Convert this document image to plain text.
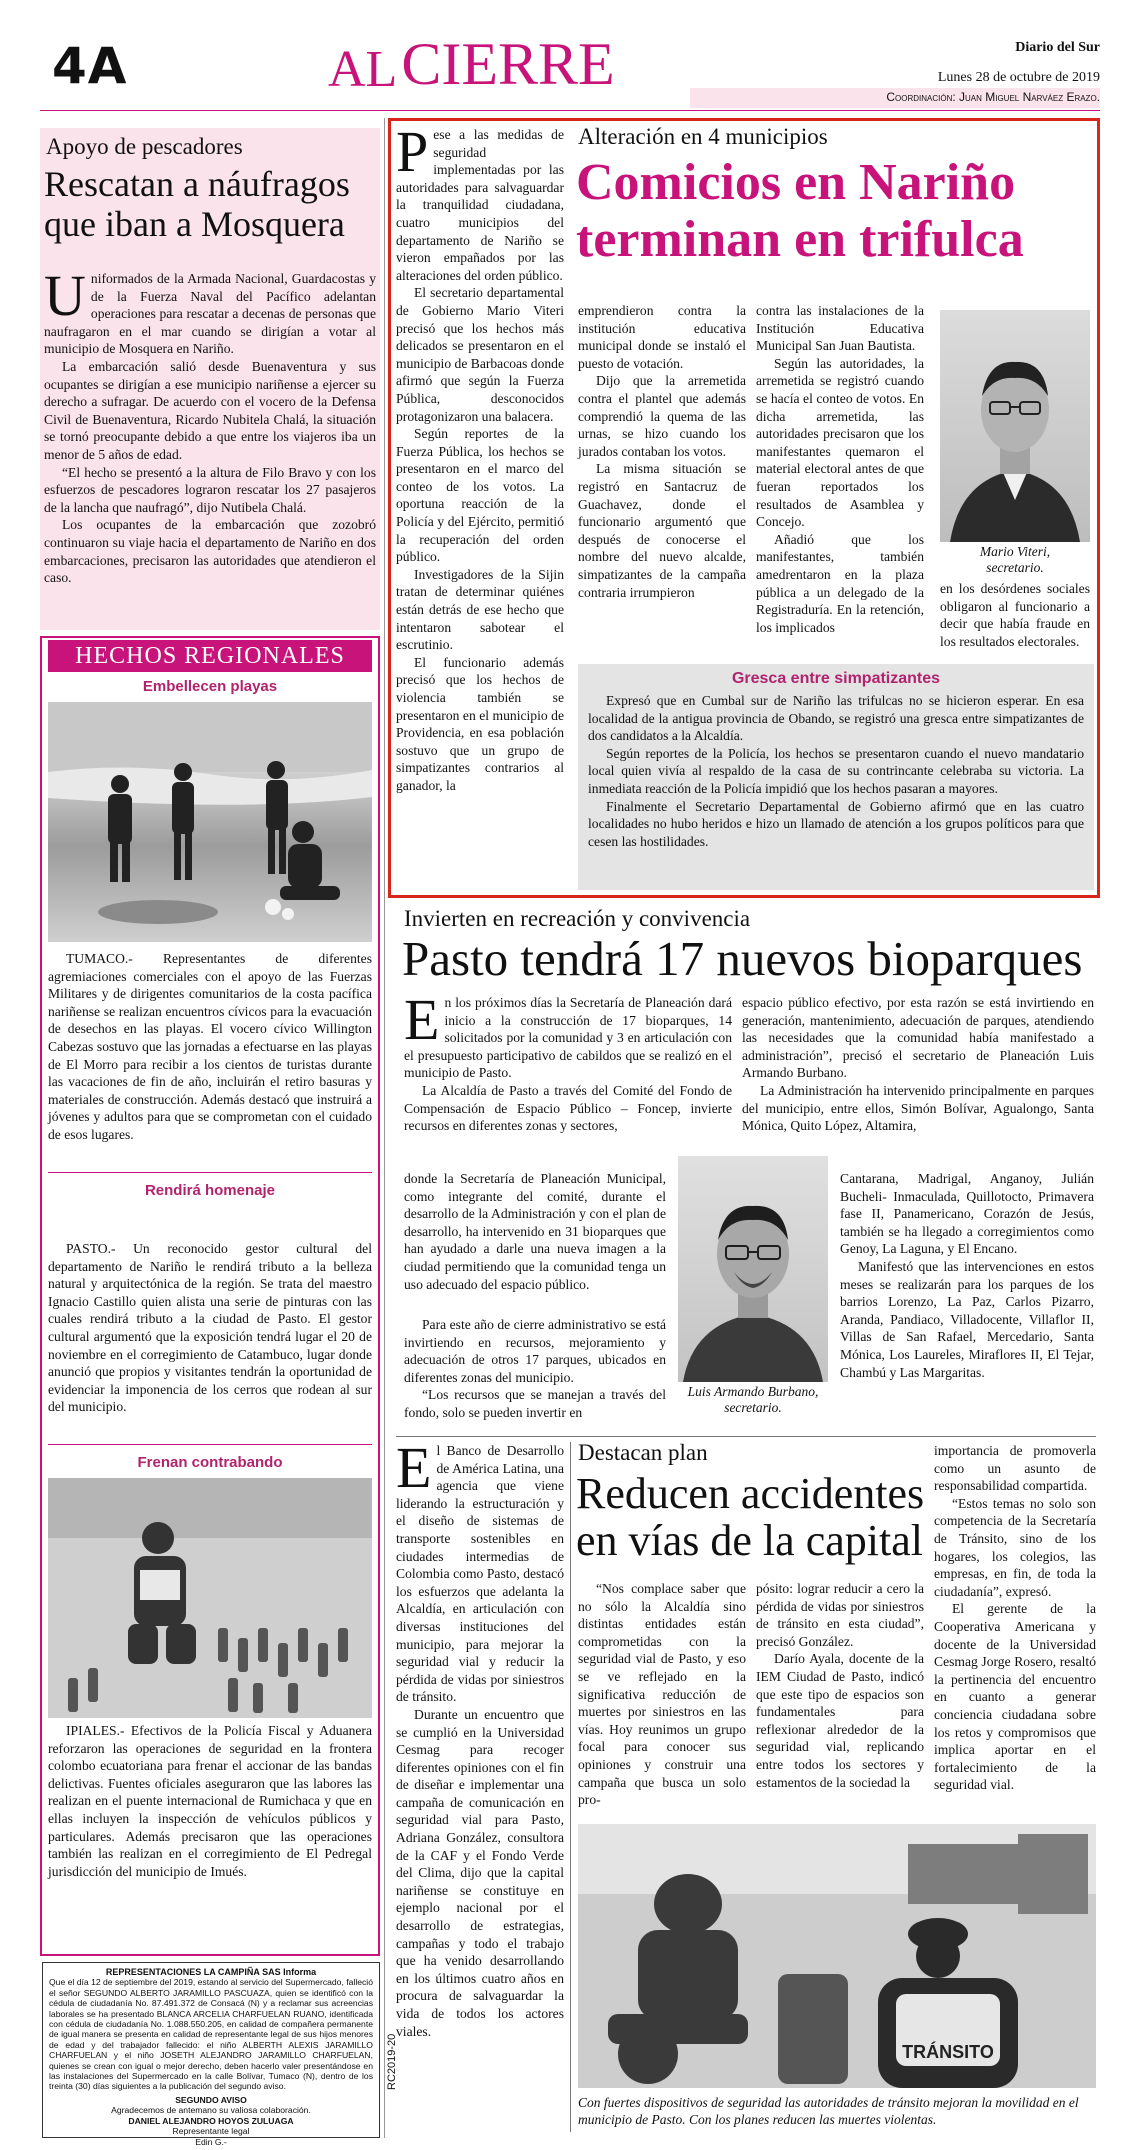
4A	AL CIERRE	Diario del Sur
Lunes 28 de octubre de 2019
Coordinación: Juan Miguel Narváez Erazo.
Apoyo de pescadores
Rescatan a náufragos que iban a Mosquera

Uniformados de la Armada Nacional, Guardacostas y de la Fuerza Naval del Pacífico adelantan operaciones para rescatar a decenas de personas que naufragaron en el mar cuando se dirigían a votar al municipio de Mosquera en Nariño.

La embarcación salió desde Buenaventura y sus ocupantes se dirigían a ese municipio nariñense a ejercer su derecho a sufragar. De acuerdo con el vocero de la Defensa Civil de Buenaventura, Ricardo Nubitela Chalá, la situación se tornó preocupante debido a que entre los viajeros iba un menor de 5 años de edad.

“El hecho se presentó a la altura de Filo Bravo y con los esfuerzos de pescadores lograron rescatar los 27 pasajeros de la lancha que naufragó”, dijo Nutibela Chalá.

Los ocupantes de la embarcación que zozobró continuaron su viaje hacia el departamento de Nariño en dos embarcaciones, precisaron las autoridades que atendieron el caso.

HECHOS REGIONALES
Embellecen playas

TUMACO.- Representantes de diferentes agremiaciones comerciales con el apoyo de las Fuerzas Militares y de dirigentes comunitarios de la costa pacífica nariñense se realizan encuentros cívicos para la evacuación de desechos en las playas. El vocero cívico Willington Cabezas sostuvo que las jornadas a efectuarse en las playas de El Morro para recibir a los cientos de turistas durante las vacaciones de fin de año, incluirán el retiro basuras y materiales de construcción. Además destacó que instruirá a jóvenes y adultos para que se comprometan con el cuidado de esos lugares.

Rendirá homenaje

PASTO.- Un reconocido gestor cultural del departamento de Nariño le rendirá tributo a la belleza natural y arquitectónica de la región. Se trata del maestro Ignacio Castillo quien alista una serie de pinturas con las cuales rendirá tributo a la ciudad de Pasto. El gestor cultural argumentó que la exposición tendrá lugar el 20 de noviembre en el corregimiento de Catambuco, lugar donde anunció que propios y visitantes tendrán la oportunidad de evidenciar la imponencia de los cerros que rodean al sur del municipio.

Frenan contrabando

IPIALES.- Efectivos de la Policía Fiscal y Aduanera reforzaron las operaciones de seguridad en la frontera colombo ecuatoriana para frenar el accionar de las bandas delictivas. Fuentes oficiales aseguraron que las labores las realizan en el puente internacional de Rumichaca y que en ellas incluyen la inspección de vehículos públicos y particulares. Además precisaron que las operaciones también las realizan en el corregimiento de El Pedregal jurisdicción del municipio de Imués.

REPRESENTACIONES LA CAMPIÑA SAS Informa
Que el día 12 de septiembre del 2019, estando al servicio del Supermercado, falleció el señor SEGUNDO ALBERTO JARAMILLO PASCUAZA, quien se identificó con la cédula de ciudadanía No. 87.491.372 de Consacá (N) y a reclamar sus acreencias laborales se ha presentado BLANCA ARCELIA CHARFUELAN RUANO, identificada con cédula de ciudadanía No. 1.088.550.205, en calidad de compañera permanente de igual manera se presenta en calidad de representante legal de sus hijos menores de edad y del trabajador fallecido: el niño ALBERTH ALEXIS JARAMILLO CHARFUELAN y el niño JOSETH ALEJANDRO JARAMILLO CHARFUELAN, quienes se crean con igual o mejor derecho, deben hacerlo valer presentándose en las instalaciones del Supermercado en la calle Bolívar, Tumaco (N), dentro de los treinta (30) días siguientes a la publicación del segundo aviso.
SEGUNDO AVISO
Agradecemos de antemano su valiosa colaboración.
DANIEL ALEJANDRO HOYOS ZULUAGA
Representante legal
Edin G.-
RC2019-20

Pese a las medidas de seguridad implementadas por las autoridades para salvaguardar la tranquilidad ciudadana, cuatro municipios del departamento de Nariño se vieron empañados por las alteraciones del orden público.

El secretario departamental de Gobierno Mario Viteri precisó que los hechos más delicados se presentaron en el municipio de Barbacoas donde afirmó que según la Fuerza Pública, desconocidos protagonizaron una balacera.

Según reportes de la Fuerza Pública, los hechos se presentaron en el marco del conteo de los votos. La oportuna reacción de la Policía y del Ejército, permitió la recuperación del orden público.

Investigadores de la Sijin tratan de determinar quiénes están detrás de ese hecho que intentaron sabotear el escrutinio.

El funcionario además precisó que los hechos de violencia también se presentaron en el municipio de Providencia, en esa población sostuvo que un grupo de simpatizantes contrarios al ganador, la

Alteración en 4 municipios
Comicios en Nariño terminan en trifulca

emprendieron contra la institución educativa municipal donde se instaló el puesto de votación.

Dijo que la arremetida contra el plantel que además comprendió la quema de las urnas, se hizo cuando los jurados contaban los votos.

La misma situación se registró en Santacruz de Guachavez, donde el funcionario argumentó que después de conocerse el nombre del nuevo alcalde, simpatizantes de la campaña contraria irrumpieron

contra las instalaciones de la Institución Educativa Municipal San Juan Bautista.

Según las autoridades, la arremetida se registró cuando se hacía el conteo de votos. En dicha arremetida, las autoridades precisaron que los manifestantes quemaron el material electoral antes de que fueran reportados los resultados de Asamblea y Concejo.

Añadió que los manifestantes, también amedrentaron en la plaza pública a un delegado de la Registraduría. En la retención, los implicados

Mario Viteri,
secretario.

en los desórdenes sociales obligaron al funcionario a decir que había fraude en los resultados electorales.

Gresca entre simpatizantes

Expresó que en Cumbal sur de Nariño las trifulcas no se hicieron esperar. En esa localidad de la antigua provincia de Obando, se registró una gresca entre simpatizantes de dos candidatos a la Alcaldía.

Según reportes de la Policía, los hechos se presentaron cuando el nuevo mandatario local quien vivía al respaldo de la casa de su contrincante celebraba su victoria. La inmediata reacción de la Policía impidió que los hechos pasaran a mayores.

Finalmente el Secretario Departamental de Gobierno afirmó que en las cuatro localidades no hubo heridos e hizo un llamado de atención a los grupos políticos para que cesen las hostilidades.

Invierten en recreación y convivencia
Pasto tendrá 17 nuevos bioparques

En los próximos días la Secretaría de Planeación dará inicio a la construcción de 17 bioparques, 14 solicitados por la comunidad y 3 en articulación con el presupuesto participativo de cabildos que se realizó en el municipio de Pasto.

La Alcaldía de Pasto a través del Comité del Fondo de Compensación de Espacio Público – Foncep, invierte recursos en diferentes zonas y sectores,

donde la Secretaría de Planeación Municipal, como integrante del comité, durante el desarrollo de la Administración y con el plan de desarrollo, ha intervenido en 31 bioparques que han ayudado a darle una nueva imagen a la ciudad permitiendo que la comunidad tenga un uso adecuado del espacio público.

Para este año de cierre administrativo se está invirtiendo en recursos, mejoramiento y adecuación de otros 17 parques, ubicados en diferentes zonas del municipio.

“Los recursos que se manejan a través del fondo, solo se pueden invertir en

Luis Armando Burbano,
secretario.

espacio público efectivo, por esta razón se está invirtiendo en generación, mantenimiento, adecuación de parques, atendiendo las necesidades que la comunidad había manifestado a administración”, precisó el secretario de Planeación Luis Armando Burbano.

La Administración ha intervenido principalmente en parques del municipio, entre ellos, Simón Bolívar, Agualongo, Santa Mónica, Quito López, Altamira,

Cantarana, Madrigal, Anganoy, Julián Bucheli- Inmaculada, Quillotocto, Primavera fase II, Panamericano, Corazón de Jesús, también se ha llegado a corregimientos como Genoy, La Laguna, y El Encano.

Manifestó que las intervenciones en estos meses se realizarán para los parques de los barrios Lorenzo, La Paz, Carlos Pizarro, Aranda, Pandiaco, Villadocente, Villaflor II, Villas de San Rafael, Mercedario, Santa Mónica, Los Laureles, Miraflores II, El Tejar, Chambú y Las Margaritas.

El Banco de Desarrollo de América Latina, una agencia que viene liderando la estructuración y el diseño de sistemas de transporte sostenibles en ciudades intermedias de Colombia como Pasto, destacó los esfuerzos que adelanta la Alcaldía, en articulación con diversas instituciones del municipio, para mejorar la seguridad vial y reducir la pérdida de vidas por siniestros de tránsito.

Durante un encuentro que se cumplió en la Universidad Cesmag para recoger diferentes opiniones con el fin de diseñar e implementar una campaña de comunicación en seguridad vial para Pasto, Adriana González, consultora de la CAF y el Fondo Verde del Clima, dijo que la capital nariñense se constituye en ejemplo nacional por el desarrollo de estrategias, campañas y todo el trabajo que ha venido desarrollando en los últimos cuatro años en procura de salvaguardar la vida de todos los actores viales.

Destacan plan
Reducen accidentes en vías de la capital

“Nos complace saber que no sólo la Alcaldía sino distintas entidades están comprometidas con la seguridad vial de Pasto, y eso se ve reflejado en la significativa reducción de muertes por siniestros en las vías. Hoy reunimos un grupo focal para conocer sus opiniones y construir una campaña que busca un solo pro-

pósito: lograr reducir a cero la pérdida de vidas por siniestros de tránsito en esta ciudad”, precisó González.

Darío Ayala, docente de la IEM Ciudad de Pasto, indicó que este tipo de espacios son fundamentales para reflexionar alrededor de la seguridad vial, replicando entre todos los sectores y estamentos de la sociedad la

importancia de promoverla como un asunto de responsabilidad compartida.

“Estos temas no solo son competencia de la Secretaría de Tránsito, sino de los hogares, los colegios, las empresas, en fin, de toda la ciudadanía”, expresó.

El gerente de la Cooperativa Americana y docente de la Universidad Cesmag Jorge Rosero, resaltó la pertinencia del encuentro en cuanto a generar conciencia ciudadana sobre los retos y compromisos que implica aportar en el fortalecimiento de la seguridad vial.

TRÁNSITO
Con fuertes dispositivos de seguridad las autoridades de tránsito mejoran la movilidad en el municipio de Pasto. Con los planes reducen las muertes violentas.
